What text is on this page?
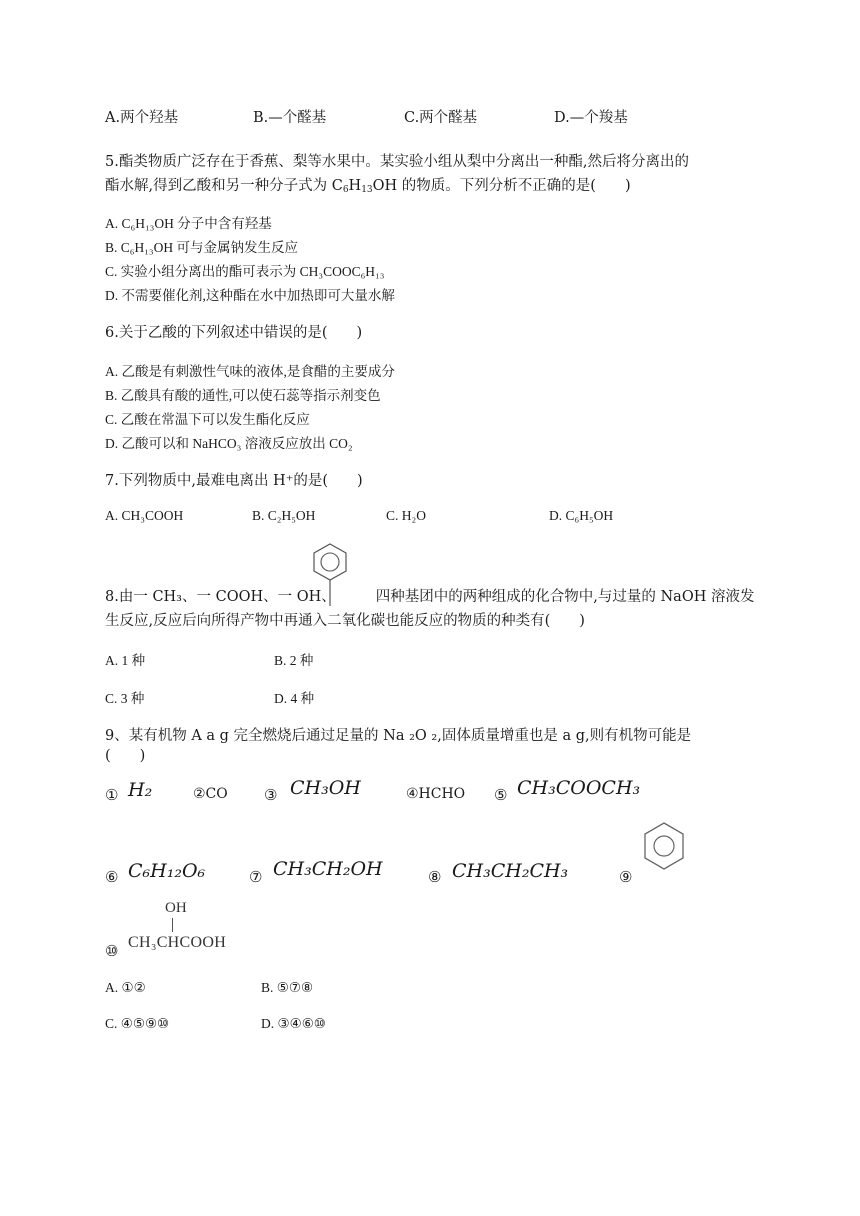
A.两个羟基	B.—个醛基	C.两个醛基	D.—个羧基
5.酯类物质广泛存在于香蕉、梨等水果中。某实验小组从梨中分离出一种酯,然后将分离出的
酯水解,得到乙酸和另一种分子式为 $C_6H_{13}OH$ 的物质。下列分析不正确的是(　　)
A. C₆H₁₃OH 分子中含有羟基
B. C₆H₁₃OH 可与金属钠发生反应
C. 实验小组分离出的酯可表示为 CH₃COOC₆H₁₃
D. 不需要催化剂,这种酯在水中加热即可大量水解
6.关于乙酸的下列叙述中错误的是(　　)
A. 乙酸是有刺激性气味的液体,是食醋的主要成分
B. 乙酸具有酸的通性,可以使石蕊等指示剂变色
C. 乙酸在常温下可以发生酯化反应
D. 乙酸可以和 NaHCO₃ 溶液反应放出 CO₂
7.下列物质中,最难电离出 H⁺的是(　　)
A. CH₃COOH	B. C₂H₅OH	C. H₂O	D. C₆H₅OH
8.由一 CH₃、一 COOH、一 OH、	四种基团中的两种组成的化合物中,与过量的 NaOH 溶液发
生反应,反应后向所得产物中再通入二氧化碳也能反应的物质的种类有(　　)
A. 1 种	B. 2 种
C. 3 种	D. 4 种
9、某有机物 A a g 完全燃烧后通过足量的 Na ₂O ₂,固体质量增重也是 a g,则有机物可能是
(　　)
① H₂	②CO ③ CH₃OH	④HCHO ⑤ CH₃COOCH₃
⑥ C₆H₁₂O₆	⑦ CH₃CH₂OH	⑧ CH₃CH₂CH₃	⑨
OH
CH₃CHCOOH
⑩
A. ①②	B. ⑤⑦⑧
C. ④⑤⑨⑩	D. ③④⑥⑩
